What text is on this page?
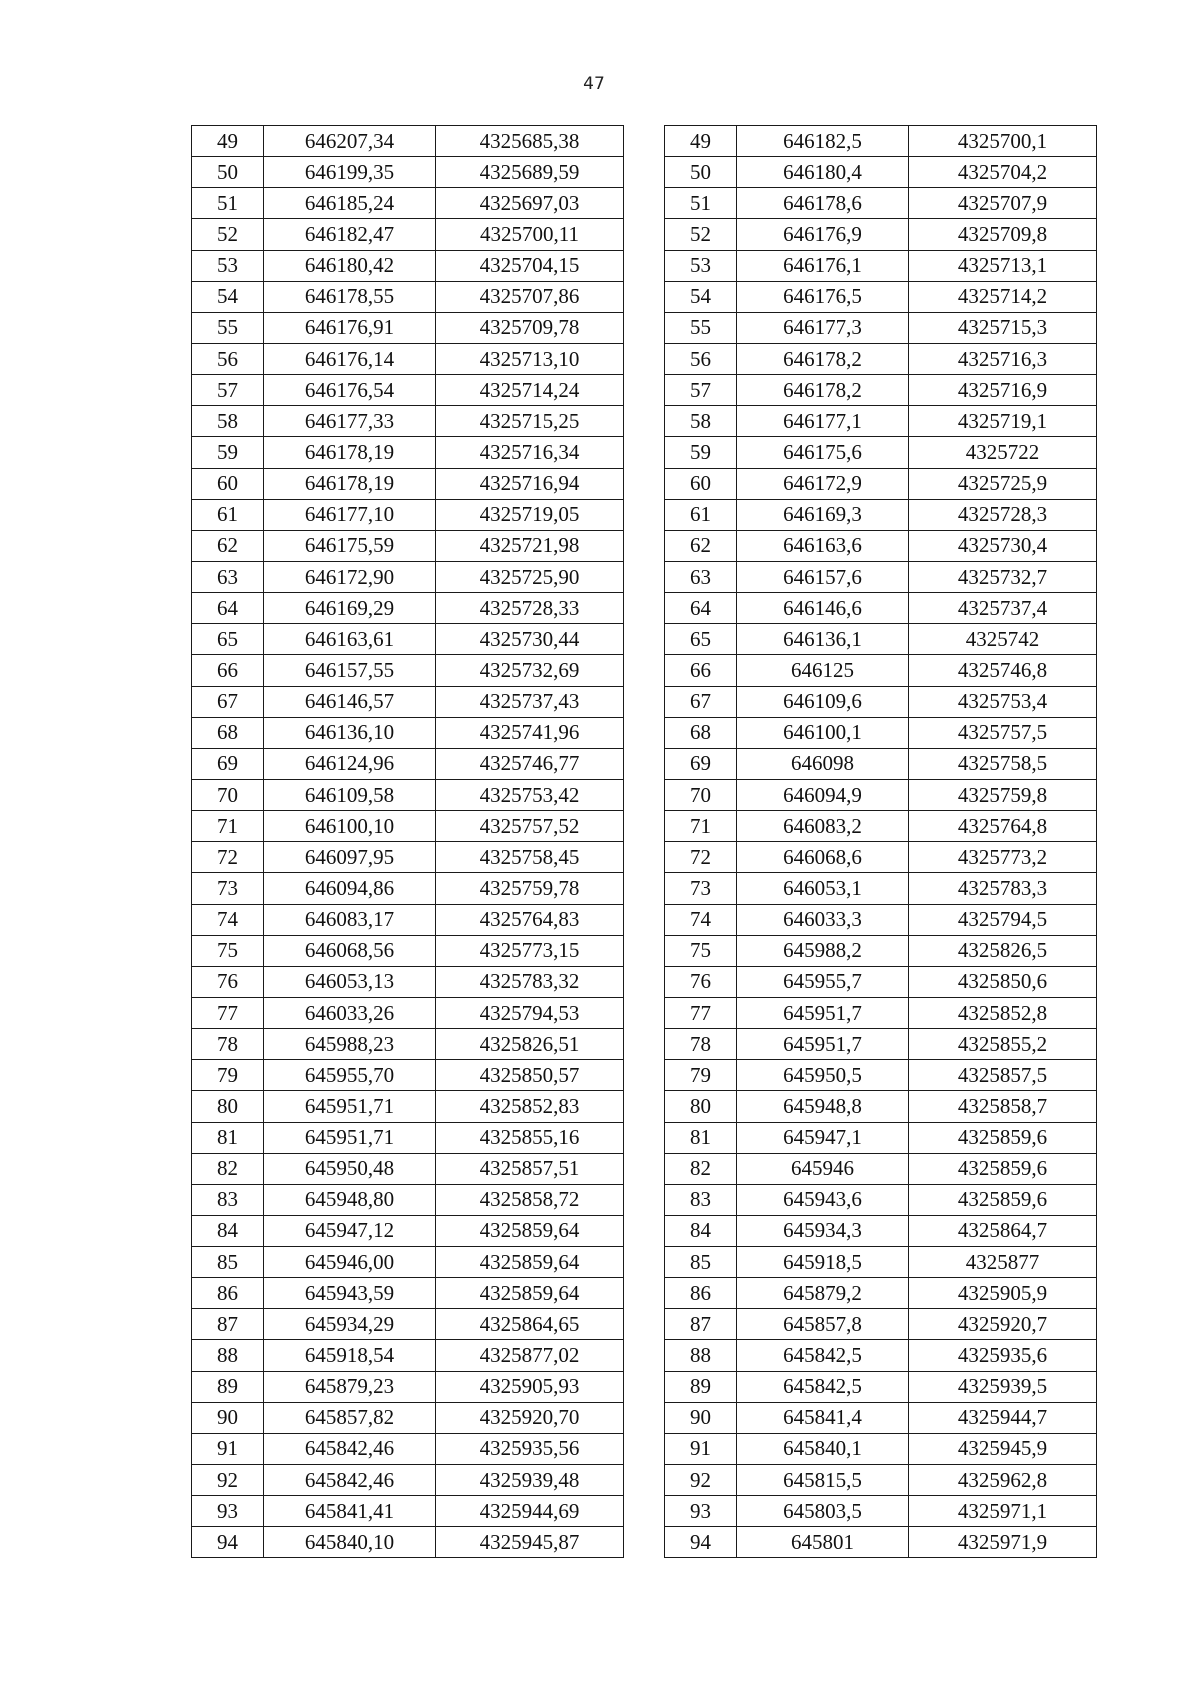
47
49	646207,34	4325685,38
50	646199,35	4325689,59
51	646185,24	4325697,03
52	646182,47	4325700,11
53	646180,42	4325704,15
54	646178,55	4325707,86
55	646176,91	4325709,78
56	646176,14	4325713,10
57	646176,54	4325714,24
58	646177,33	4325715,25
59	646178,19	4325716,34
60	646178,19	4325716,94
61	646177,10	4325719,05
62	646175,59	4325721,98
63	646172,90	4325725,90
64	646169,29	4325728,33
65	646163,61	4325730,44
66	646157,55	4325732,69
67	646146,57	4325737,43
68	646136,10	4325741,96
69	646124,96	4325746,77
70	646109,58	4325753,42
71	646100,10	4325757,52
72	646097,95	4325758,45
73	646094,86	4325759,78
74	646083,17	4325764,83
75	646068,56	4325773,15
76	646053,13	4325783,32
77	646033,26	4325794,53
78	645988,23	4325826,51
79	645955,70	4325850,57
80	645951,71	4325852,83
81	645951,71	4325855,16
82	645950,48	4325857,51
83	645948,80	4325858,72
84	645947,12	4325859,64
85	645946,00	4325859,64
86	645943,59	4325859,64
87	645934,29	4325864,65
88	645918,54	4325877,02
89	645879,23	4325905,93
90	645857,82	4325920,70
91	645842,46	4325935,56
92	645842,46	4325939,48
93	645841,41	4325944,69
94	645840,10	4325945,87
49	646182,5	4325700,1
50	646180,4	4325704,2
51	646178,6	4325707,9
52	646176,9	4325709,8
53	646176,1	4325713,1
54	646176,5	4325714,2
55	646177,3	4325715,3
56	646178,2	4325716,3
57	646178,2	4325716,9
58	646177,1	4325719,1
59	646175,6	4325722
60	646172,9	4325725,9
61	646169,3	4325728,3
62	646163,6	4325730,4
63	646157,6	4325732,7
64	646146,6	4325737,4
65	646136,1	4325742
66	646125	4325746,8
67	646109,6	4325753,4
68	646100,1	4325757,5
69	646098	4325758,5
70	646094,9	4325759,8
71	646083,2	4325764,8
72	646068,6	4325773,2
73	646053,1	4325783,3
74	646033,3	4325794,5
75	645988,2	4325826,5
76	645955,7	4325850,6
77	645951,7	4325852,8
78	645951,7	4325855,2
79	645950,5	4325857,5
80	645948,8	4325858,7
81	645947,1	4325859,6
82	645946	4325859,6
83	645943,6	4325859,6
84	645934,3	4325864,7
85	645918,5	4325877
86	645879,2	4325905,9
87	645857,8	4325920,7
88	645842,5	4325935,6
89	645842,5	4325939,5
90	645841,4	4325944,7
91	645840,1	4325945,9
92	645815,5	4325962,8
93	645803,5	4325971,1
94	645801	4325971,9
